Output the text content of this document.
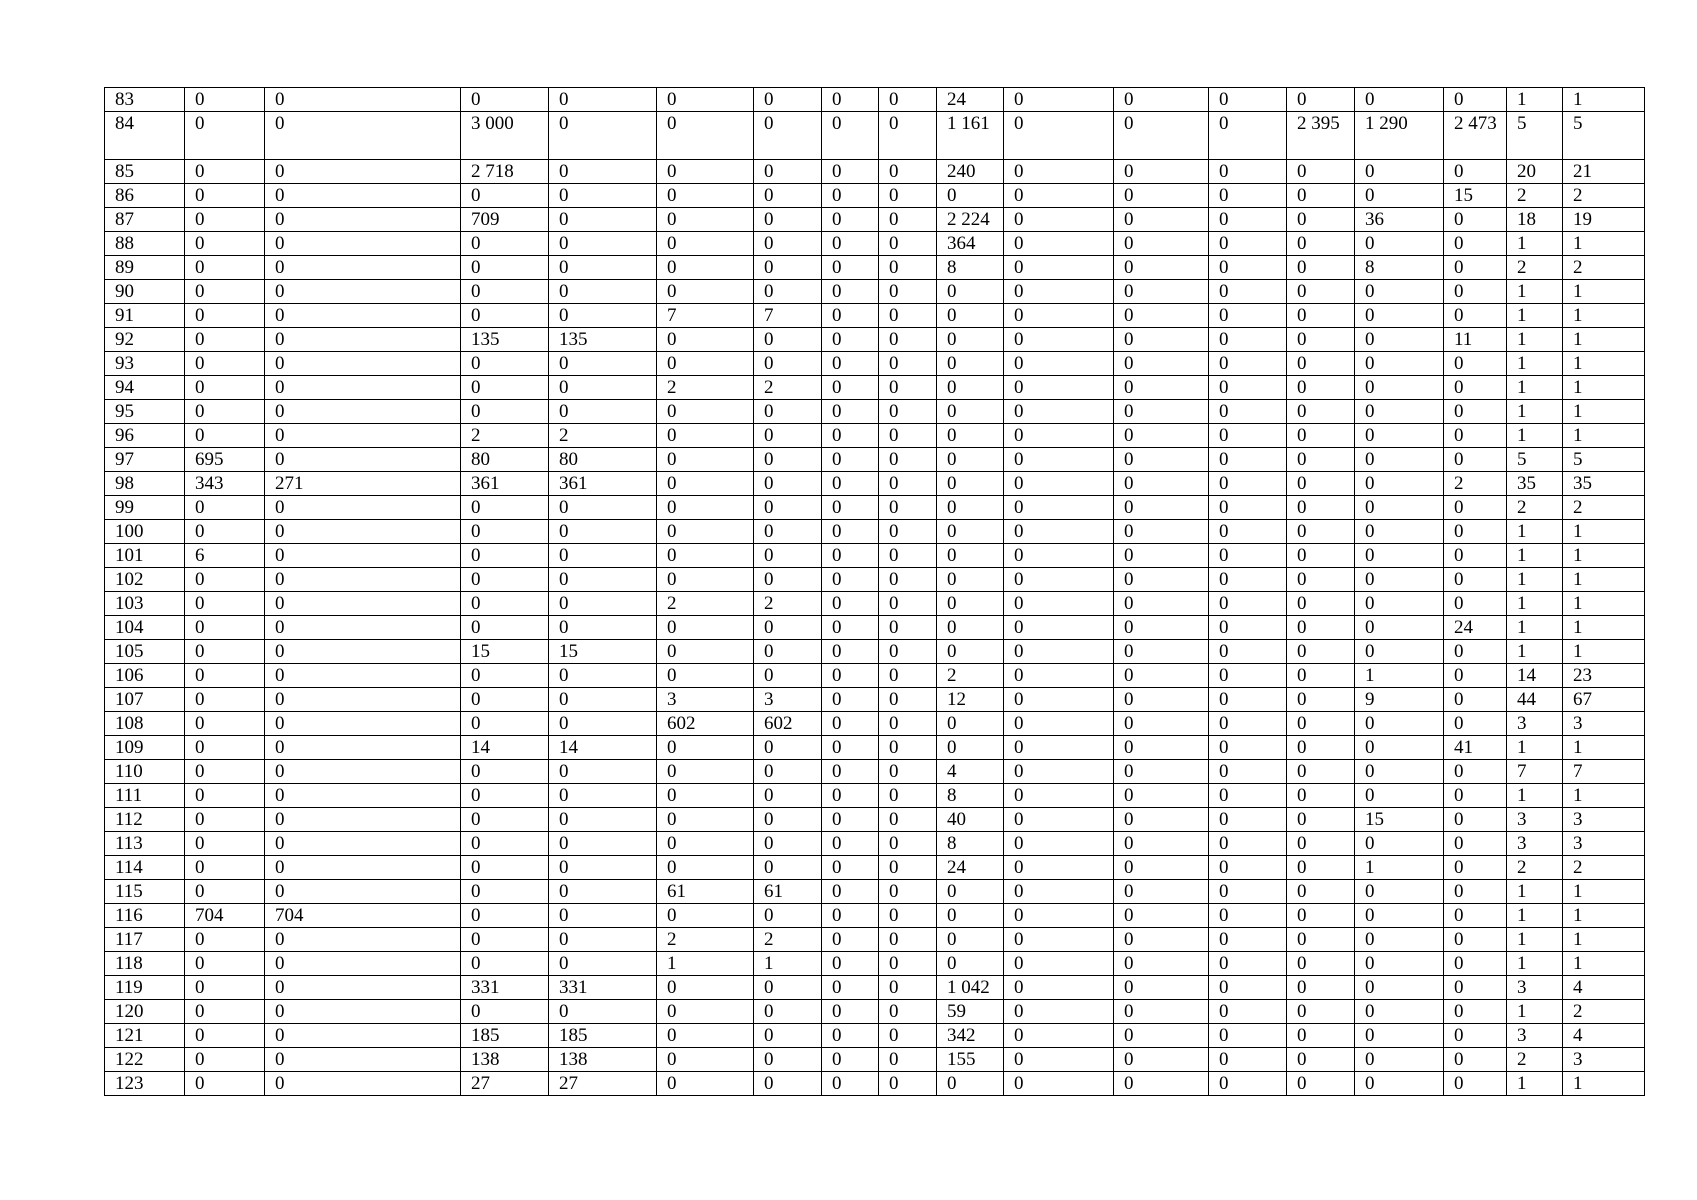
83	0	0	0	0	0	0	0	0	24	0	0	0	0	0	0	1	1
84	0	0	3 000	0	0	0	0	0	1 161	0	0	0	2 395	1 290	2 473	5	5
85	0	0	2 718	0	0	0	0	0	240	0	0	0	0	0	0	20	21
86	0	0	0	0	0	0	0	0	0	0	0	0	0	0	15	2	2
87	0	0	709	0	0	0	0	0	2 224	0	0	0	0	36	0	18	19
88	0	0	0	0	0	0	0	0	364	0	0	0	0	0	0	1	1
89	0	0	0	0	0	0	0	0	8	0	0	0	0	8	0	2	2
90	0	0	0	0	0	0	0	0	0	0	0	0	0	0	0	1	1
91	0	0	0	0	7	7	0	0	0	0	0	0	0	0	0	1	1
92	0	0	135	135	0	0	0	0	0	0	0	0	0	0	11	1	1
93	0	0	0	0	0	0	0	0	0	0	0	0	0	0	0	1	1
94	0	0	0	0	2	2	0	0	0	0	0	0	0	0	0	1	1
95	0	0	0	0	0	0	0	0	0	0	0	0	0	0	0	1	1
96	0	0	2	2	0	0	0	0	0	0	0	0	0	0	0	1	1
97	695	0	80	80	0	0	0	0	0	0	0	0	0	0	0	5	5
98	343	271	361	361	0	0	0	0	0	0	0	0	0	0	2	35	35
99	0	0	0	0	0	0	0	0	0	0	0	0	0	0	0	2	2
100	0	0	0	0	0	0	0	0	0	0	0	0	0	0	0	1	1
101	6	0	0	0	0	0	0	0	0	0	0	0	0	0	0	1	1
102	0	0	0	0	0	0	0	0	0	0	0	0	0	0	0	1	1
103	0	0	0	0	2	2	0	0	0	0	0	0	0	0	0	1	1
104	0	0	0	0	0	0	0	0	0	0	0	0	0	0	24	1	1
105	0	0	15	15	0	0	0	0	0	0	0	0	0	0	0	1	1
106	0	0	0	0	0	0	0	0	2	0	0	0	0	1	0	14	23
107	0	0	0	0	3	3	0	0	12	0	0	0	0	9	0	44	67
108	0	0	0	0	602	602	0	0	0	0	0	0	0	0	0	3	3
109	0	0	14	14	0	0	0	0	0	0	0	0	0	0	41	1	1
110	0	0	0	0	0	0	0	0	4	0	0	0	0	0	0	7	7
111	0	0	0	0	0	0	0	0	8	0	0	0	0	0	0	1	1
112	0	0	0	0	0	0	0	0	40	0	0	0	0	15	0	3	3
113	0	0	0	0	0	0	0	0	8	0	0	0	0	0	0	3	3
114	0	0	0	0	0	0	0	0	24	0	0	0	0	1	0	2	2
115	0	0	0	0	61	61	0	0	0	0	0	0	0	0	0	1	1
116	704	704	0	0	0	0	0	0	0	0	0	0	0	0	0	1	1
117	0	0	0	0	2	2	0	0	0	0	0	0	0	0	0	1	1
118	0	0	0	0	1	1	0	0	0	0	0	0	0	0	0	1	1
119	0	0	331	331	0	0	0	0	1 042	0	0	0	0	0	0	3	4
120	0	0	0	0	0	0	0	0	59	0	0	0	0	0	0	1	2
121	0	0	185	185	0	0	0	0	342	0	0	0	0	0	0	3	4
122	0	0	138	138	0	0	0	0	155	0	0	0	0	0	0	2	3
123	0	0	27	27	0	0	0	0	0	0	0	0	0	0	0	1	1
